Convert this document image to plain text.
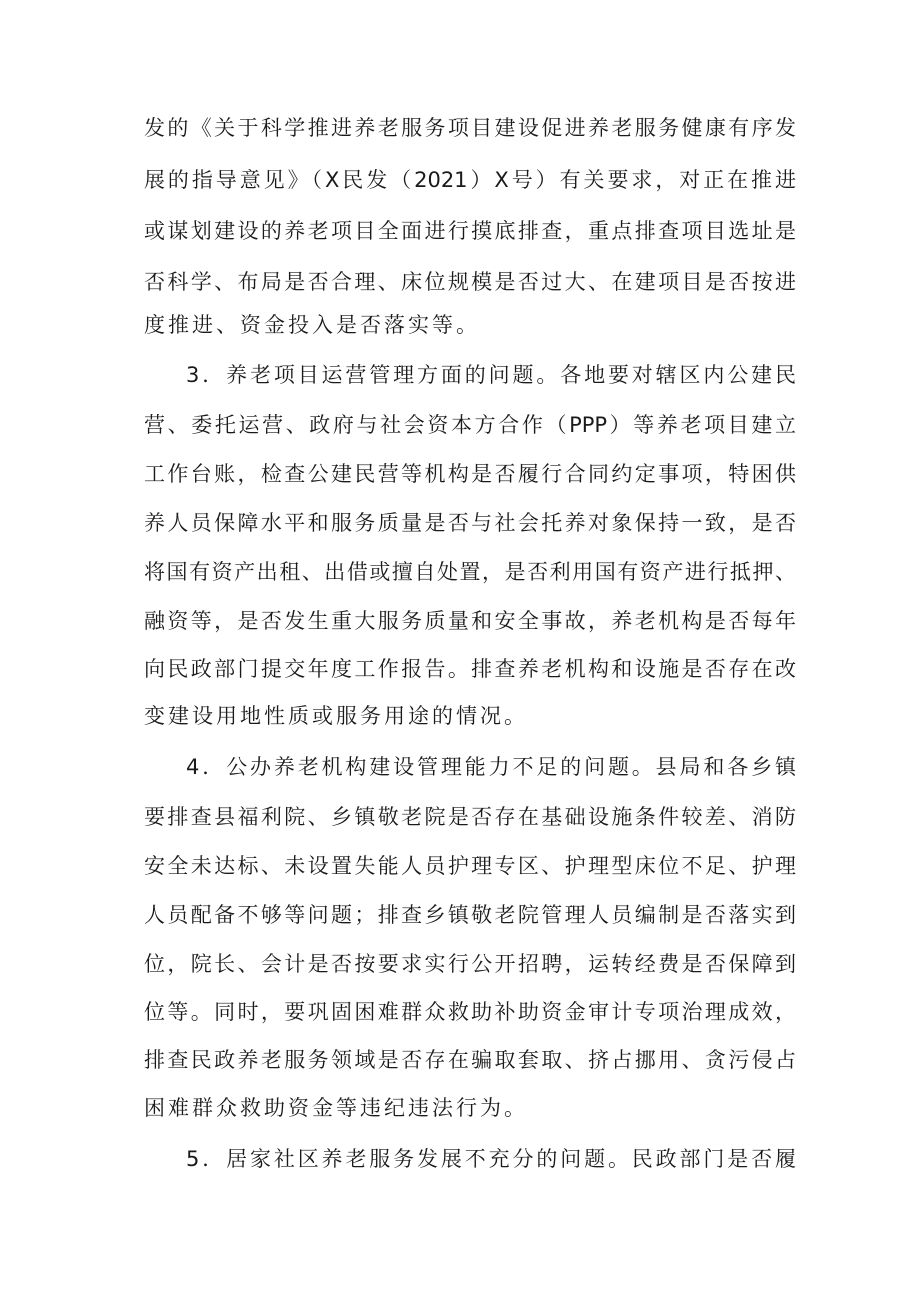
发的《关于科学推进养老服务项目建设促进养老服务健康有序发
展的指导意见》（X民发（2021）X号）有关要求，对正在推进
或谋划建设的养老项目全面进行摸底排查，重点排查项目选址是
否科学、布局是否合理、床位规模是否过大、在建项目是否按进
度推进、资金投入是否落实等。
3．养老项目运营管理方面的问题。各地要对辖区内公建民
营、委托运营、政府与社会资本方合作（PPP）等养老项目建立
工作台账，检查公建民营等机构是否履行合同约定事项，特困供
养人员保障水平和服务质量是否与社会托养对象保持一致，是否
将国有资产出租、出借或擅自处置，是否利用国有资产进行抵押、
融资等，是否发生重大服务质量和安全事故，养老机构是否每年
向民政部门提交年度工作报告。排查养老机构和设施是否存在改
变建设用地性质或服务用途的情况。
4．公办养老机构建设管理能力不足的问题。县局和各乡镇
要排查县福利院、乡镇敬老院是否存在基础设施条件较差、消防
安全未达标、未设置失能人员护理专区、护理型床位不足、护理
人员配备不够等问题；排查乡镇敬老院管理人员编制是否落实到
位，院长、会计是否按要求实行公开招聘，运转经费是否保障到
位等。同时，要巩固困难群众救助补助资金审计专项治理成效，
排查民政养老服务领域是否存在骗取套取、挤占挪用、贪污侵占
困难群众救助资金等违纪违法行为。
5．居家社区养老服务发展不充分的问题。民政部门是否履
